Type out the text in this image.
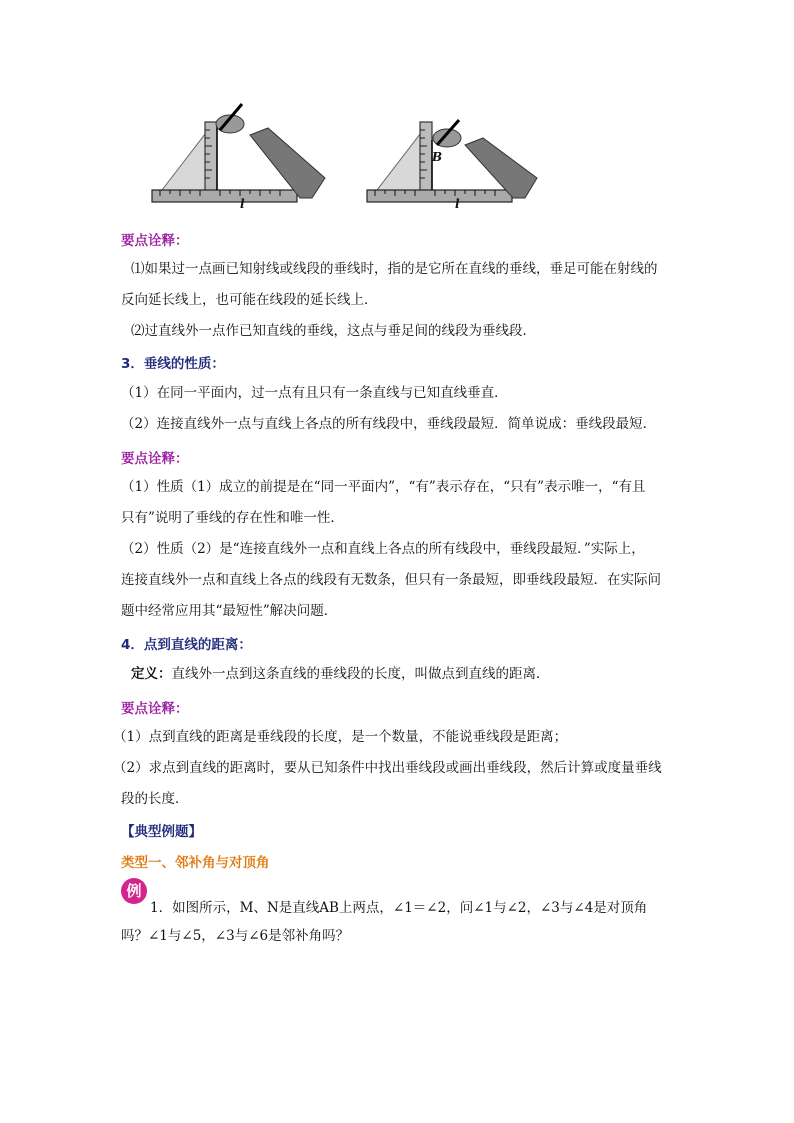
l
B
l
要点诠释：
⑴如果过一点画已知射线或线段的垂线时，指的是它所在直线的垂线，垂足可能在射线的
反向延长线上，也可能在线段的延长线上．
⑵过直线外一点作已知直线的垂线，这点与垂足间的线段为垂线段．
3．垂线的性质：
（1）在同一平面内，过一点有且只有一条直线与已知直线垂直．
（2）连接直线外一点与直线上各点的所有线段中，垂线段最短．简单说成：垂线段最短．
要点诠释：
（1）性质（1）成立的前提是在“同一平面内”，“有”表示存在，“只有”表示唯一，“有且
只有”说明了垂线的存在性和唯一性．
（2）性质（2）是“连接直线外一点和直线上各点的所有线段中，垂线段最短．”实际上，
连接直线外一点和直线上各点的线段有无数条，但只有一条最短，即垂线段最短．在实际问
题中经常应用其“最短性”解决问题．
4．点到直线的距离：
定义：直线外一点到这条直线的垂线段的长度，叫做点到直线的距离．
要点诠释：
（1）点到直线的距离是垂线段的长度，是一个数量，不能说垂线段是距离；
（2）求点到直线的距离时，要从已知条件中找出垂线段或画出垂线段，然后计算或度量垂线
段的长度．
【典型例题】
类型一、邻补角与对顶角
例
1．如图所示，M、N是直线AB上两点，∠1＝∠2，问∠1与∠2，∠3与∠4是对顶角
吗？∠1与∠5，∠3与∠6是邻补角吗？
